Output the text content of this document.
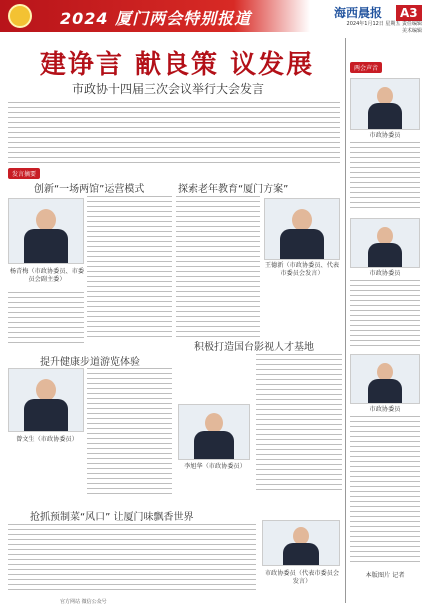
2024 厦门两会特别报道	海西晨报	A3
2024年1月12日 星期五 责任编辑 美术编辑
建诤言 献良策 议发展
市政协十四届三次会议举行大会发言
发言摘要
创新“一场两馆”运营模式
杨青梅（市政协委员、市委员会副主委）
探索老年教育“厦门方案”
王德新（市政协委员、代表市委员会发言）
提升健康步道游览体验
曾文生（市政协委员）
积极打造国台影视人才基地
李旭华（市政协委员）
抢抓预制菜“风口” 让厦门味飘香世界
市政协委员（代表市委员会发言）
两会声音
市政协委员
市政协委员
市政协委员
本版图片 记者
官方网站 微信公众号
